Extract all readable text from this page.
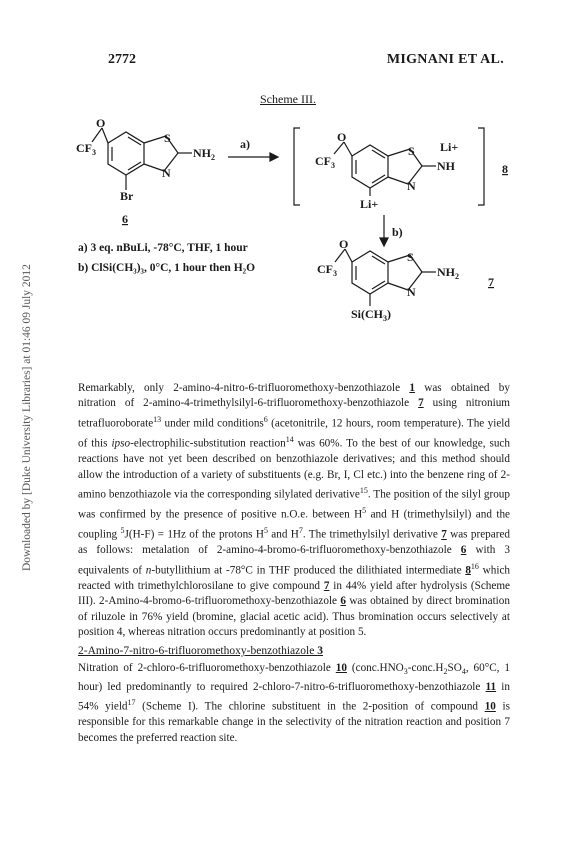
2772	MIGNANI ET AL.
Downloaded by [Duke University Libraries] at 01:46 09 July 2012
Scheme III.
O
$CF_3$
S
N
$NH_2$
Br
6
a)	O
$CF_3$
S
N
NH
Li+
Li+
8
b)
O
$CF_3$
S
N
$NH_2$
$Si(CH_3)$
7
a) 3 eq. nBuLi, -78°C, THF, 1 hour
b) ClSi(CH₃)₃, 0°C, 1 hour then H₂O

Remarkably, only 2-amino-4-nitro-6-trifluoromethoxy-benzothiazole 1 was obtained by nitration of 2-amino-4-trimethylsilyl-6-trifluoromethoxy-benzothiazole 7 using nitronium tetrafluoroborate$^{13}$ under mild conditions$^6$ (acetonitrile, 12 hours, room temperature). The yield of this ipso-electrophilic-substitution reaction$^{14}$ was 60%. To the best of our knowledge, such reactions have not yet been described on benzothiazole derivatives; and this method should allow the introduction of a variety of substituents (e.g. Br, I, Cl etc.) into the benzene ring of 2-amino benzothiazole via the corresponding silylated derivative$^{15}$. The position of the silyl group was confirmed by the presence of positive n.O.e. between $H^5$ and H (trimethylsilyl) and the coupling $^5$J(H-F) = 1Hz of the protons $H^5$ and $H^7$. The trimethylsilyl derivative 7 was prepared as follows: metalation of 2-amino-4-bromo-6-trifluoromethoxy-benzothiazole 6 with 3 equivalents of n-butyllithium at -78°C in THF produced the dilithiated intermediate $8^{16}$ which reacted with trimethylchlorosilane to give compound 7 in 44% yield after hydrolysis (Scheme III). 2-Amino-4-bromo-6-trifluoromethoxy-benzothiazole 6 was obtained by direct bromination of riluzole in 76% yield (bromine, glacial acetic acid). Thus bromination occurs selectively at position 4, whereas nitration occurs predominantly at position 5.

2-Amino-7-nitro-6-trifluoromethoxy-benzothiazole 3
Nitration of 2-chloro-6-trifluoromethoxy-benzothiazole 10 ($conc.HNO_3-conc.H_2SO_4$, 60°C, 1 hour) led predominantly to required 2-chloro-7-nitro-6-trifluoromethoxy-benzothiazole 11 in 54% yield$^{17}$ (Scheme I). The chlorine substituent in the 2-position of compound 10 is responsible for this remarkable change in the selectivity of the nitration reaction and position 7 becomes the preferred reaction site.
